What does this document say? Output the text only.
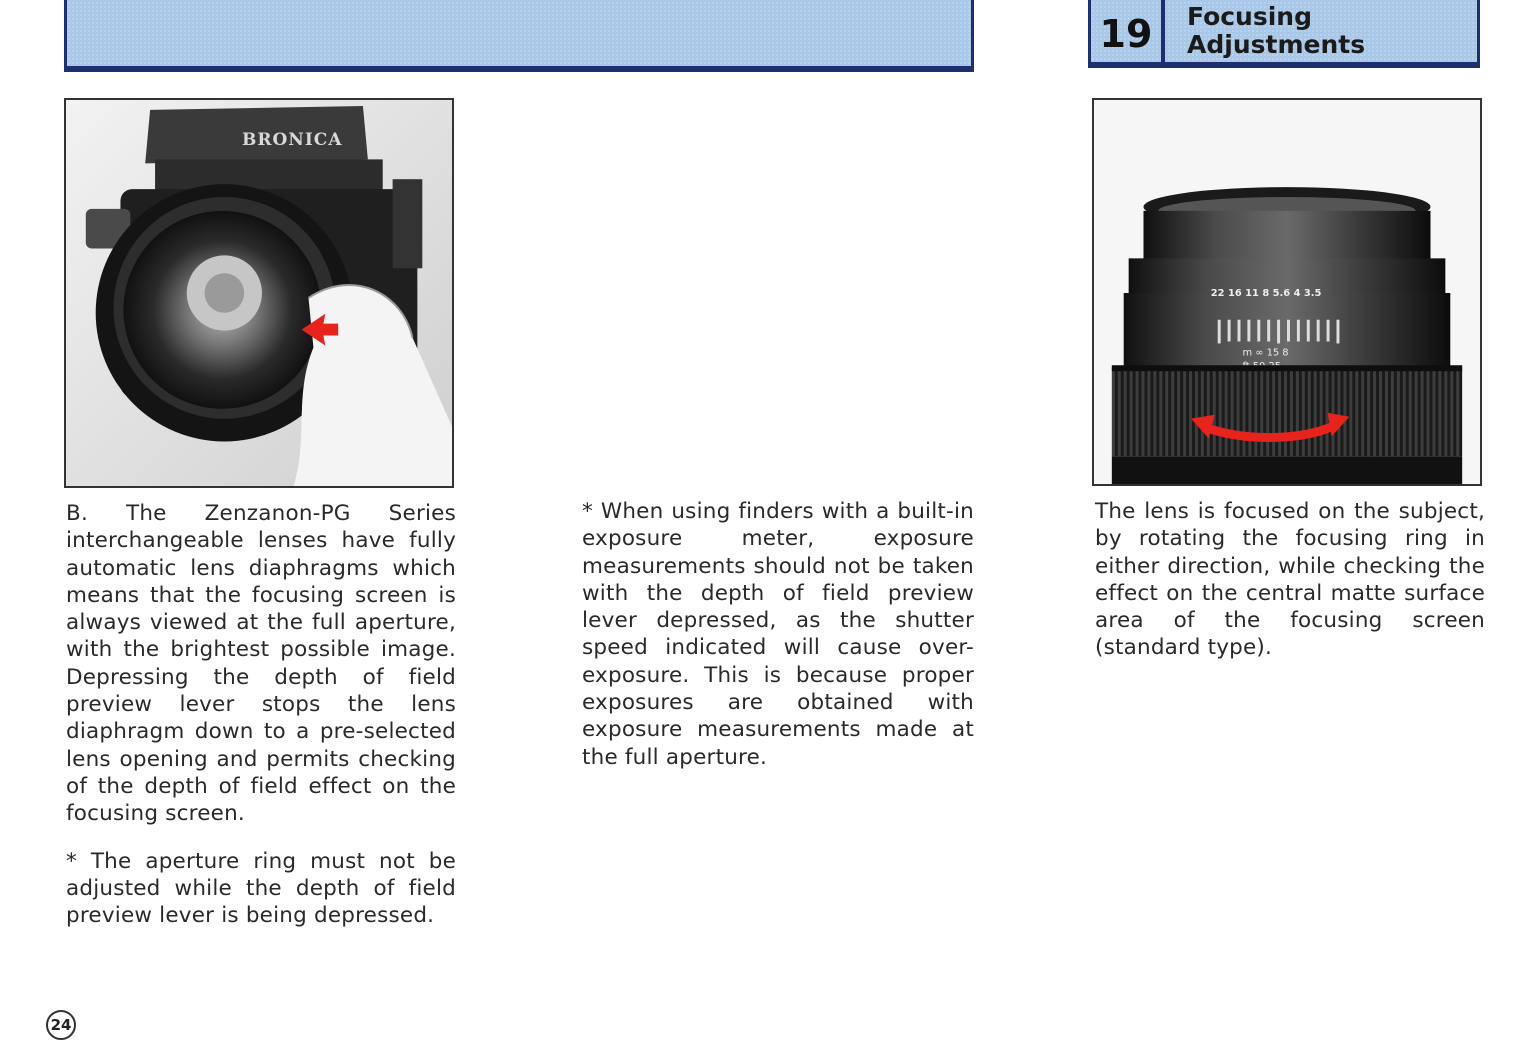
19	Focusing
Adjustments
BRONICA
22 16 11 8 5.6 4 3.5
m ∞ 15 8

B. The Zenzanon-PG Series interchangeable lenses have fully automatic lens diaphragms which means that the focusing screen is always viewed at the full aperture, with the brightest possible image. Depressing the depth of field preview lever stops the lens diaphragm down to a pre-selected lens opening and permits checking of the depth of field effect on the focusing screen.

* The aperture ring must not be adjusted while the depth of field preview lever is being depressed.

* When using finders with a built-in exposure meter, exposure measurements should not be taken with the depth of field preview lever depressed, as the shutter speed indicated will cause over-exposure. This is because proper exposures are obtained with exposure measurements made at the full aperture.

The lens is focused on the subject, by rotating the focusing ring in either direction, while checking the effect on the central matte surface area of the focusing screen (standard type).

24
